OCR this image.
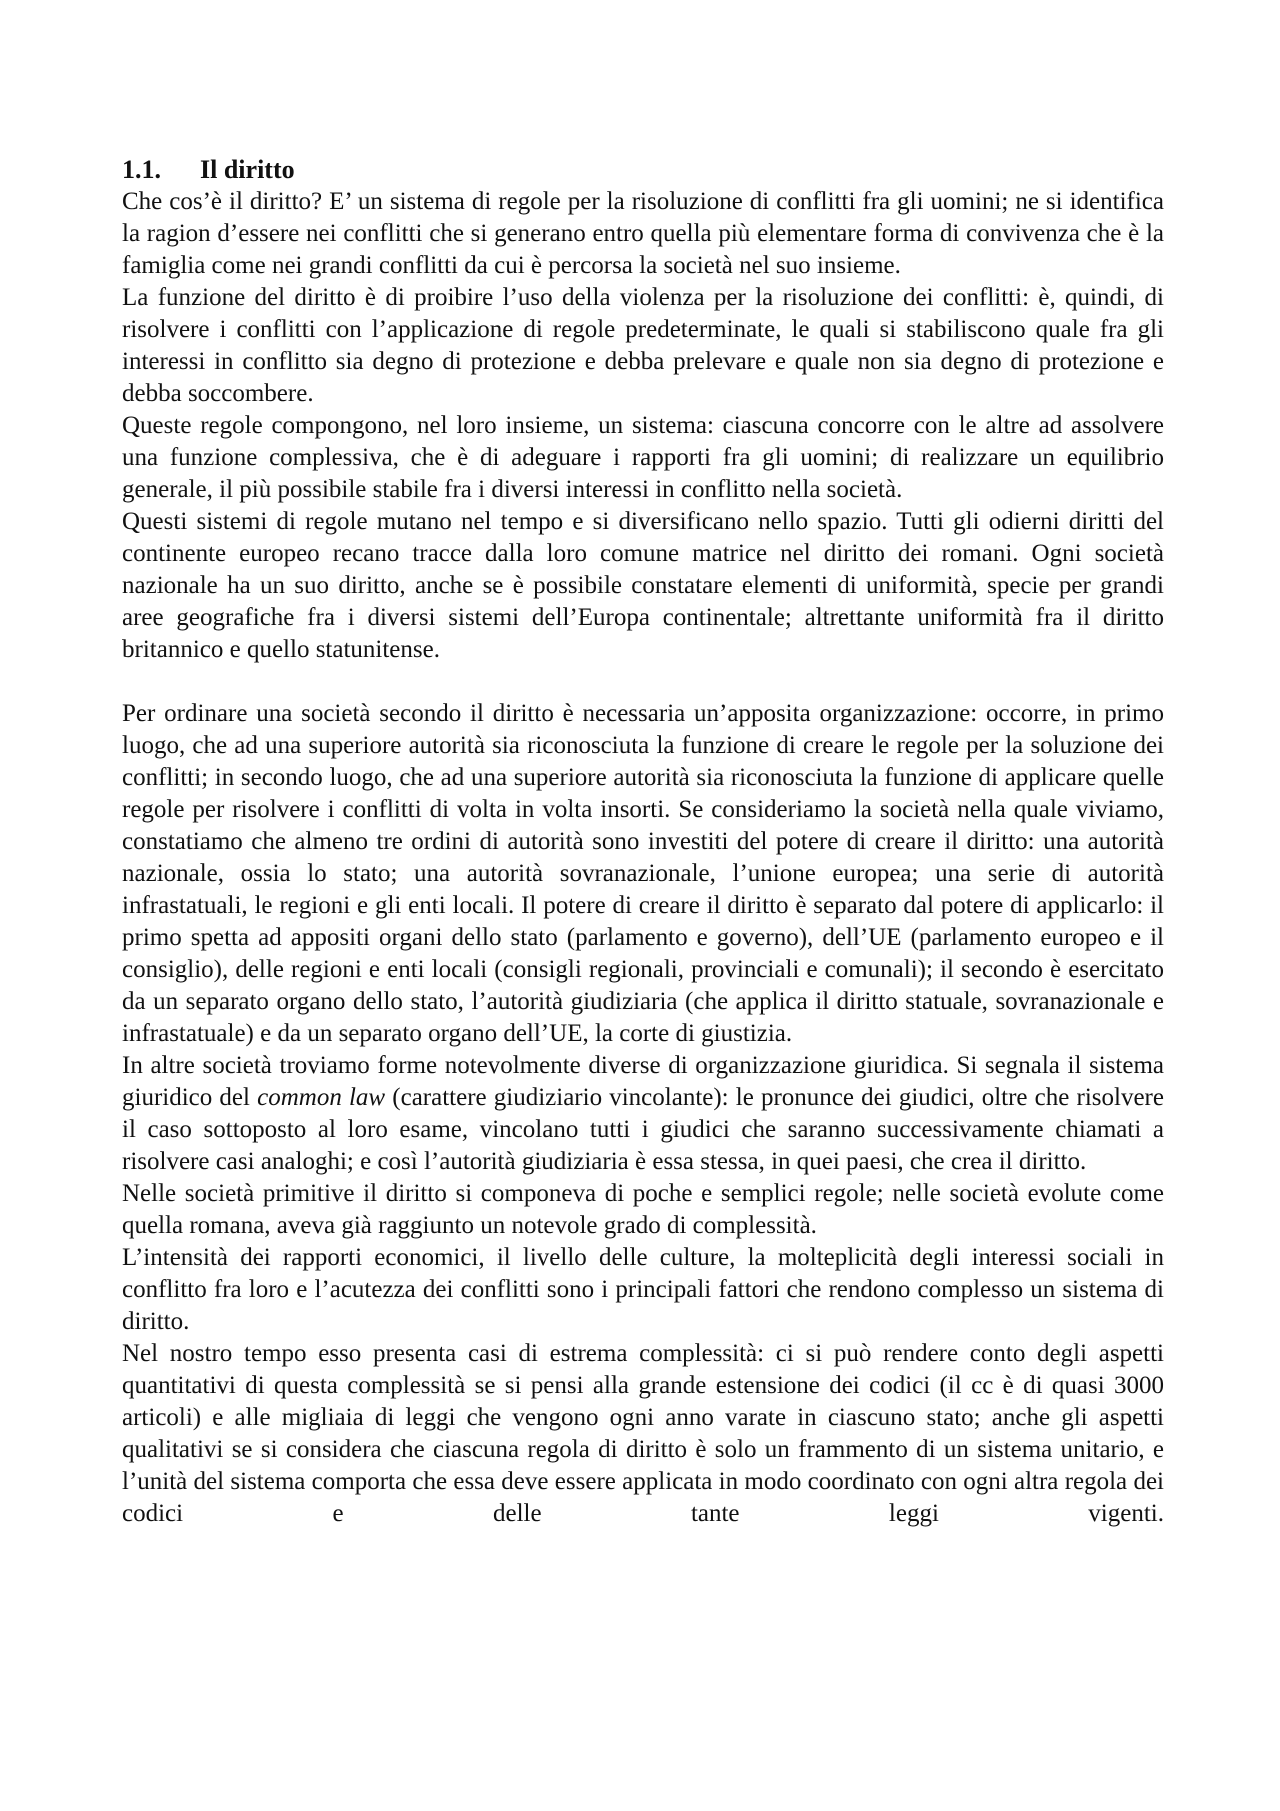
1.1.	Il diritto

Che cos’è il diritto? E’ un sistema di regole per la risoluzione di conflitti fra gli uomini; ne si identifica la ragion d’essere nei conflitti che si generano entro quella più elementare forma di convivenza che è la famiglia come nei grandi conflitti da cui è percorsa la società nel suo insieme.

La funzione del diritto è di proibire l’uso della violenza per la risoluzione dei conflitti: è, quindi, di risolvere i conflitti con l’applicazione di regole predeterminate, le quali si stabiliscono quale fra gli interessi in conflitto sia degno di protezione e debba prelevare e quale non sia degno di protezione e debba soccombere.

Queste regole compongono, nel loro insieme, un sistema: ciascuna concorre con le altre ad assolvere una funzione complessiva, che è di adeguare i rapporti fra gli uomini; di realizzare un equilibrio generale, il più possibile stabile fra i diversi interessi in conflitto nella società.

Questi sistemi di regole mutano nel tempo e si diversificano nello spazio. Tutti gli odierni diritti del continente europeo recano tracce dalla loro comune matrice nel diritto dei romani. Ogni società nazionale ha un suo diritto, anche se è possibile constatare elementi di uniformità, specie per grandi aree geografiche fra i diversi sistemi dell’Europa continentale; altrettante uniformità fra il diritto britannico e quello statunitense.

Per ordinare una società secondo il diritto è necessaria un’apposita organizzazione: occorre, in primo luogo, che ad una superiore autorità sia riconosciuta la funzione di creare le regole per la soluzione dei conflitti; in secondo luogo, che ad una superiore autorità sia riconosciuta la funzione di applicare quelle regole per risolvere i conflitti di volta in volta insorti. Se consideriamo la società nella quale viviamo, constatiamo che almeno tre ordini di autorità sono investiti del potere di creare il diritto: una autorità nazionale, ossia lo stato; una autorità sovranazionale, l’unione europea; una serie di autorità infrastatuali, le regioni e gli enti locali. Il potere di creare il diritto è separato dal potere di applicarlo: il primo spetta ad appositi organi dello stato (parlamento e governo), dell’UE (parlamento europeo e il consiglio), delle regioni e enti locali (consigli regionali, provinciali e comunali); il secondo è esercitato da un separato organo dello stato, l’autorità giudiziaria (che applica il diritto statuale, sovranazionale e infrastatuale) e da un separato organo dell’UE, la corte di giustizia.

In altre società troviamo forme notevolmente diverse di organizzazione giuridica. Si segnala il sistema giuridico del common law (carattere giudiziario vincolante): le pronunce dei giudici, oltre che risolvere il caso sottoposto al loro esame, vincolano tutti i giudici che saranno successivamente chiamati a risolvere casi analoghi; e così l’autorità giudiziaria è essa stessa, in quei paesi, che crea il diritto.

Nelle società primitive il diritto si componeva di poche e semplici regole; nelle società evolute come quella romana, aveva già raggiunto un notevole grado di complessità.

L’intensità dei rapporti economici, il livello delle culture, la molteplicità degli interessi sociali in conflitto fra loro e l’acutezza dei conflitti sono i principali fattori che rendono complesso un sistema di diritto.

Nel nostro tempo esso presenta casi di estrema complessità: ci si può rendere conto degli aspetti quantitativi di questa complessità se si pensi alla grande estensione dei codici (il cc è di quasi 3000 articoli) e alle migliaia di leggi che vengono ogni anno varate in ciascuno stato; anche gli aspetti qualitativi se si considera che ciascuna regola di diritto è solo un frammento di un sistema unitario, e l’unità del sistema comporta che essa deve essere applicata in modo coordinato con ogni altra regola dei codici e delle tante leggi vigenti.
